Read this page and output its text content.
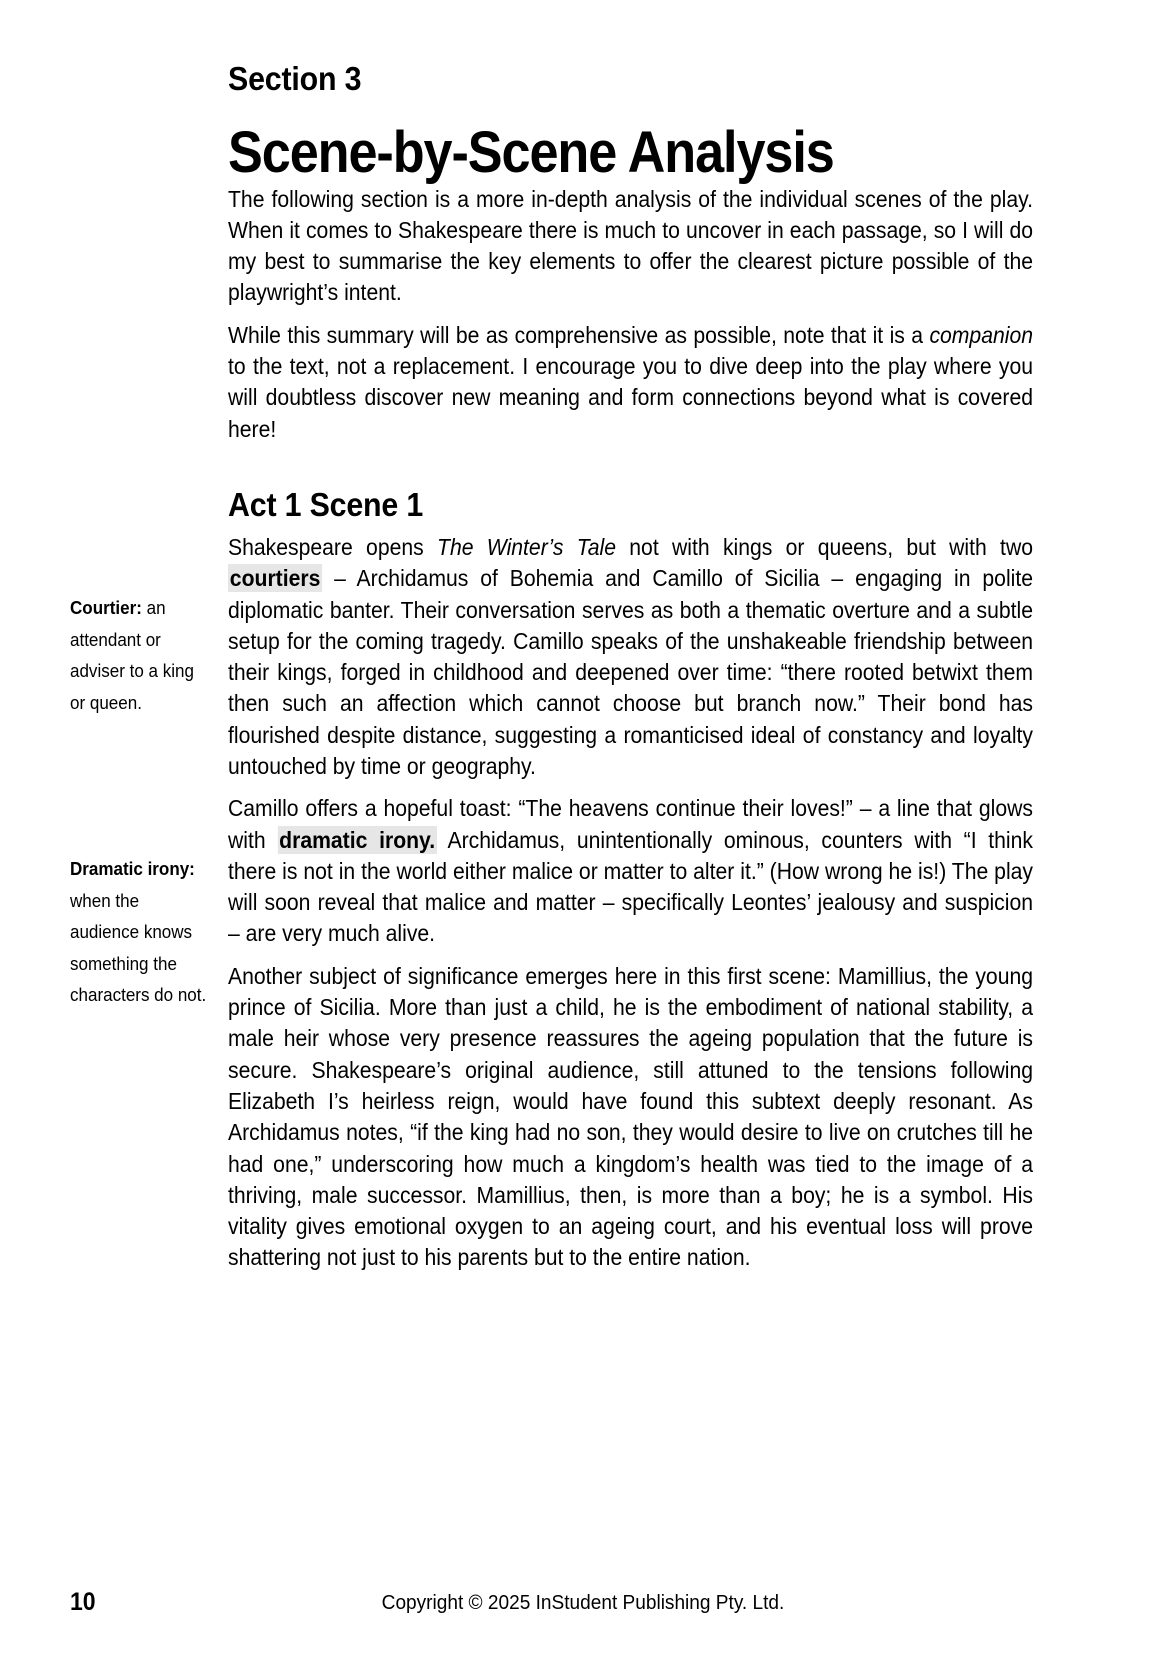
Section 3
Scene-by-Scene Analysis

The following section is a more in-depth analysis of the individual scenes of the play. When it comes to Shakespeare there is much to uncover in each passage, so I will do my best to summarise the key elements to offer the clearest picture possible of the playwright’s intent.

While this summary will be as comprehensive as possible, note that it is a companion to the text, not a replacement. I encourage you to dive deep into the play where you will doubtless discover new meaning and form connections beyond what is covered here!

Act 1 Scene 1

Shakespeare opens The Winter’s Tale not with kings or queens, but with two courtiers – Archidamus of Bohemia and Camillo of Sicilia – engaging in polite diplomatic banter. Their conversation serves as both a thematic overture and a subtle setup for the coming tragedy. Camillo speaks of the unshakeable friendship between their kings, forged in childhood and deepened over time: “there rooted betwixt them then such an affection which cannot choose but branch now.” Their bond has flourished despite distance, suggesting a romanticised ideal of constancy and loyalty untouched by time or geography.

Camillo offers a hopeful toast: “The heavens continue their loves!” – a line that glows with dramatic irony. Archidamus, unintentionally ominous, counters with “I think there is not in the world either malice or matter to alter it.” (How wrong he is!) The play will soon reveal that malice and matter – specifically Leontes’ jealousy and suspicion – are very much alive.

Another subject of significance emerges here in this first scene: Mamillius, the young prince of Sicilia. More than just a child, he is the embodiment of national stability, a male heir whose very presence reassures the ageing population that the future is secure. Shakespeare’s original audience, still attuned to the tensions following Elizabeth I’s heirless reign, would have found this subtext deeply resonant. As Archidamus notes, “if the king had no son, they would desire to live on crutches till he had one,” underscoring how much a kingdom’s health was tied to the image of a thriving, male successor. Mamillius, then, is more than a boy; he is a symbol. His vitality gives emotional oxygen to an ageing court, and his eventual loss will prove shattering not just to his parents but to the entire nation.

Courtier: an attendant or adviser to a king or queen.
Dramatic irony: when the audience knows something the characters do not.
10	Copyright © 2025 InStudent Publishing Pty. Ltd.
